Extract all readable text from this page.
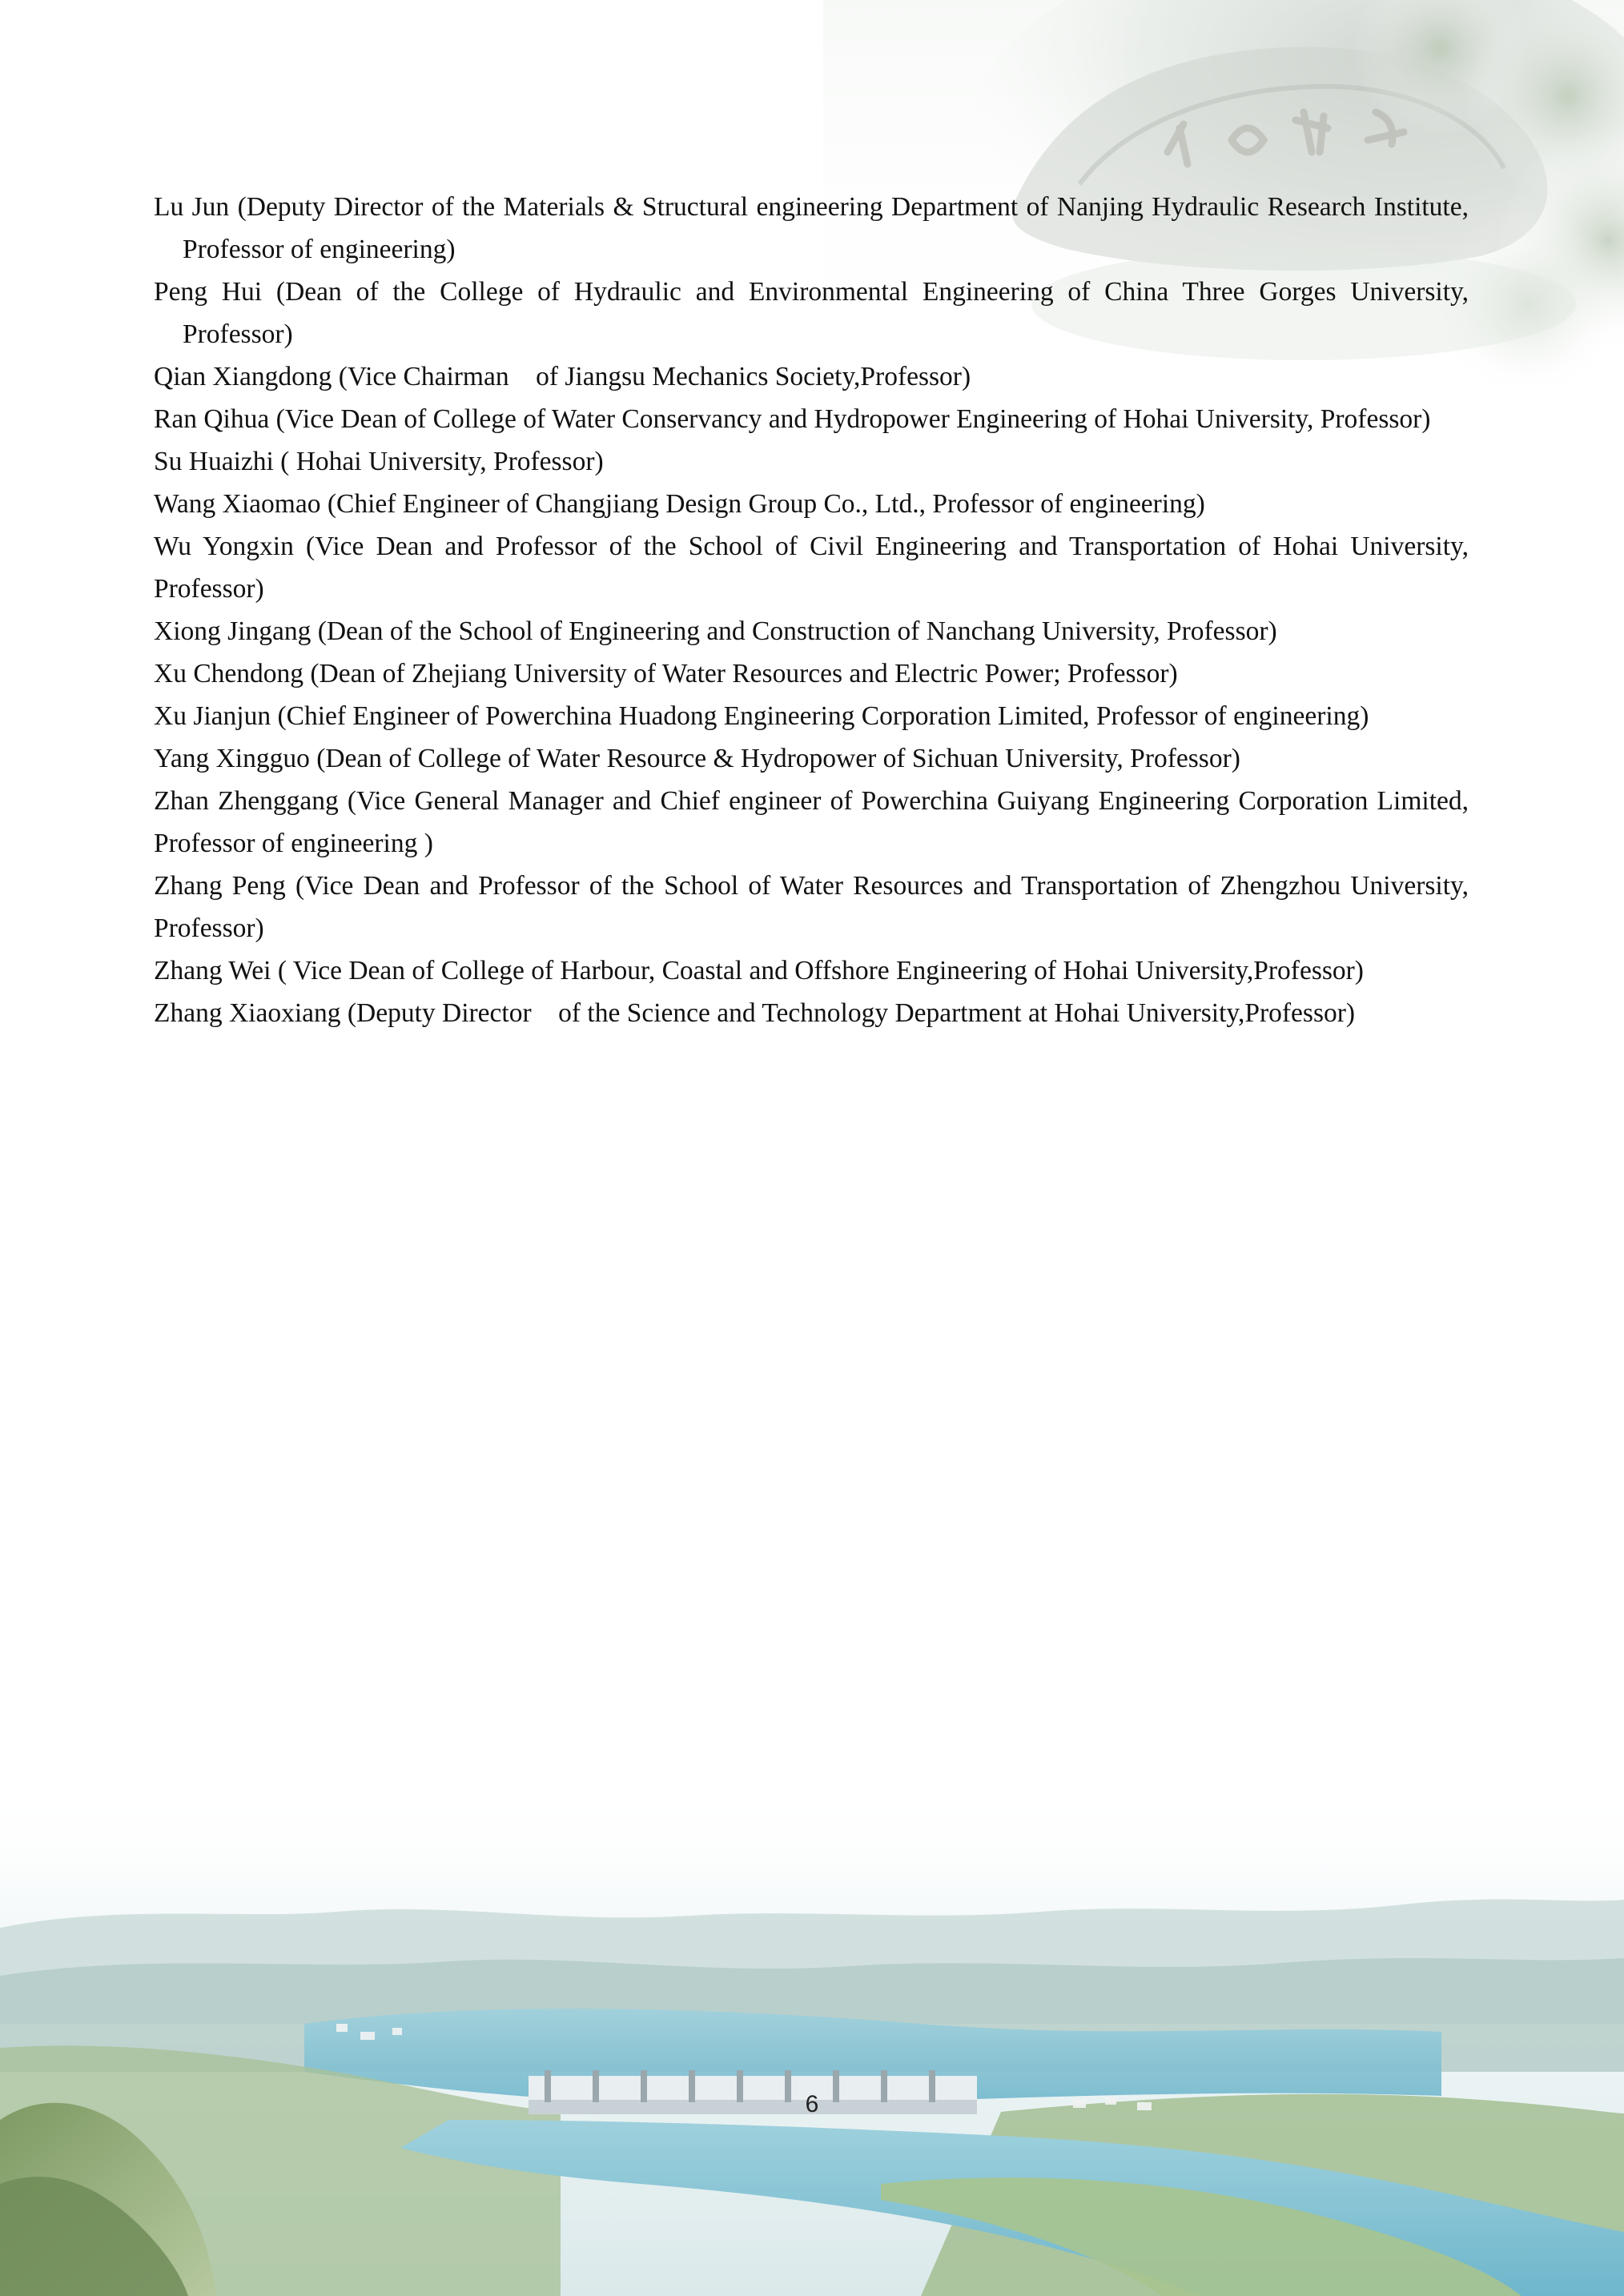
Lu Jun (Deputy Director of the Materials & Structural engineering Department of Nanjing Hydraulic Research Institute, Professor of engineering)

Peng Hui (Dean of the College of Hydraulic and Environmental Engineering of China Three Gorges University, Professor)

Qian Xiangdong (Vice Chairman    of Jiangsu Mechanics Society,Professor)

Ran Qihua (Vice Dean of College of Water Conservancy and Hydropower Engineering of Hohai University, Professor)

Su Huaizhi ( Hohai University, Professor)

Wang Xiaomao (Chief Engineer of Changjiang Design Group Co., Ltd., Professor of engineering)

Wu Yongxin (Vice Dean and Professor of the School of Civil Engineering and Transportation of Hohai University, Professor)

Xiong Jingang (Dean of the School of Engineering and Construction of Nanchang University, Professor)

Xu Chendong (Dean of Zhejiang University of Water Resources and Electric Power; Professor)

Xu Jianjun (Chief Engineer of Powerchina Huadong Engineering Corporation Limited, Professor of engineering)

Yang Xingguo (Dean of College of Water Resource & Hydropower of Sichuan University, Professor)

Zhan Zhenggang (Vice General Manager and Chief engineer of Powerchina Guiyang Engineering Corporation Limited, Professor of engineering )

Zhang Peng (Vice Dean and Professor of the School of Water Resources and Transportation of Zhengzhou University, Professor)

Zhang Wei ( Vice Dean of College of Harbour, Coastal and Offshore Engineering of Hohai University,Professor)

Zhang Xiaoxiang (Deputy Director    of the Science and Technology Department at Hohai University,Professor)

6
